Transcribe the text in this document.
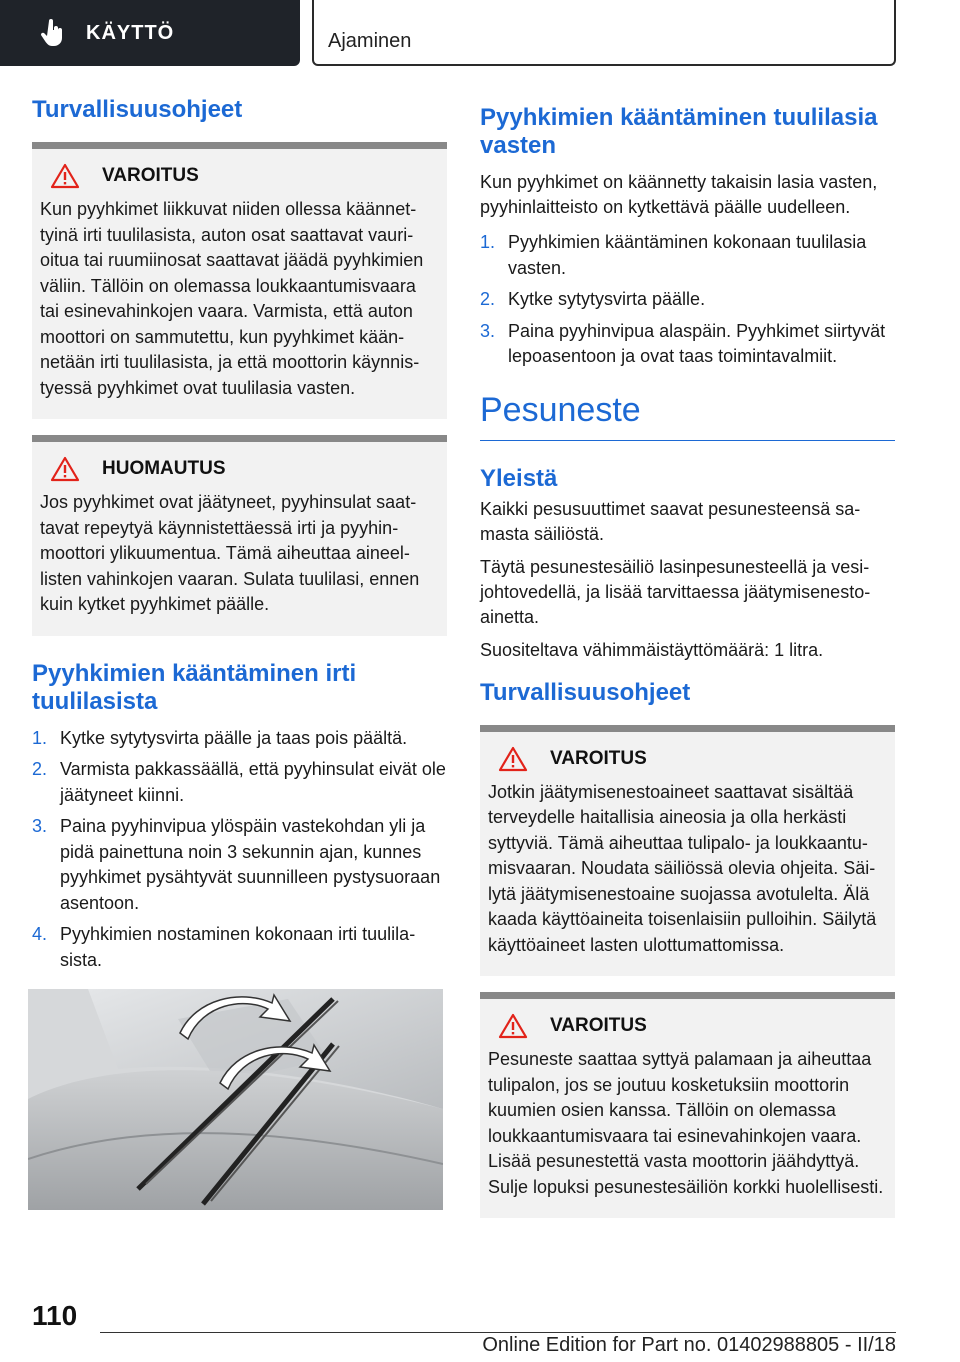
KÄYTTÖ	Ajaminen
Turvallisuusohjeet
VAROITUS
Kun pyyhkimet liikkuvat niiden ollessa käännettyinä irti tuulilasista, auton osat saattavat vaurioitua tai ruumiinosat saattavat jäädä pyyhkimien väliin. Tällöin on olemassa loukkaantumisvaara tai esinevahinkojen vaara. Varmista, että auton moottori on sammutettu, kun pyyhkimet käännetään irti tuulilasista, ja että moottorin käynnistyessä pyyhkimet ovat tuulilasia vasten.
HUOMAUTUS
Jos pyyhkimet ovat jäätyneet, pyyhinsulat saattavat repeytyä käynnistettäessä irti ja pyyhinmoottori ylikuumentua. Tämä aiheuttaa aineellisten vahinkojen vaaran. Sulata tuulilasi, ennen kuin kytket pyyhkimet päälle.
Pyyhkimien kääntäminen irti tuulilasista
1. Kytke sytytysvirta päälle ja taas pois päältä.
2. Varmista pakkassäällä, että pyyhinsulat eivät ole jäätyneet kiinni.
3. Paina pyyhinvipua ylöspäin vastekohdan yli ja pidä painettuna noin 3 sekunnin ajan, kunnes pyyhkimet pysähtyvät suunnilleen pystysuoraan asentoon.
4. Pyyhkimien nostaminen kokonaan irti tuulilasista.
Pyyhkimien kääntäminen tuulilasia vasten
Kun pyyhkimet on käännetty takaisin lasia vasten, pyyhinlaitteisto on kytkettävä päälle uudelleen.
1. Pyyhkimien kääntäminen kokonaan tuulilasia vasten.
2. Kytke sytytysvirta päälle.
3. Paina pyyhinvipua alaspäin. Pyyhkimet siirtyvät lepoasentoon ja ovat taas toimintavalmiit.
Pesuneste
Yleistä
Kaikki pesusuuttimet saavat pesunesteensä samasta säiliöstä.
Täytä pesunestesäiliö lasinpesunesteellä ja vesijohtovedellä, ja lisää tarvittaessa jäätymisenestoainetta.
Suositeltava vähimmäistäyttömäärä: 1 litra.
Turvallisuusohjeet
VAROITUS
Jotkin jäätymisenestoaineet saattavat sisältää terveydelle haitallisia aineosia ja olla herkästi syttyviä. Tämä aiheuttaa tulipalo- ja loukkaantumisvaaran. Noudata säiliössä olevia ohjeita. Säilytä jäätymisenestoaine suojassa avotulelta. Älä kaada käyttöaineita toisenlaisiin pulloihin. Säilytä käyttöaineet lasten ulottumattomissa.
VAROITUS
Pesuneste saattaa syttyä palamaan ja aiheuttaa tulipalon, jos se joutuu kosketuksiin moottorin kuumien osien kanssa. Tällöin on olemassa loukkaantumisvaara tai esinevahinkojen vaara. Lisää pesunestettä vasta moottorin jäähdyttyä. Sulje lopuksi pesunestesäiliön korkki huolellisesti.
110
Online Edition for Part no. 01402988805 - II/18
